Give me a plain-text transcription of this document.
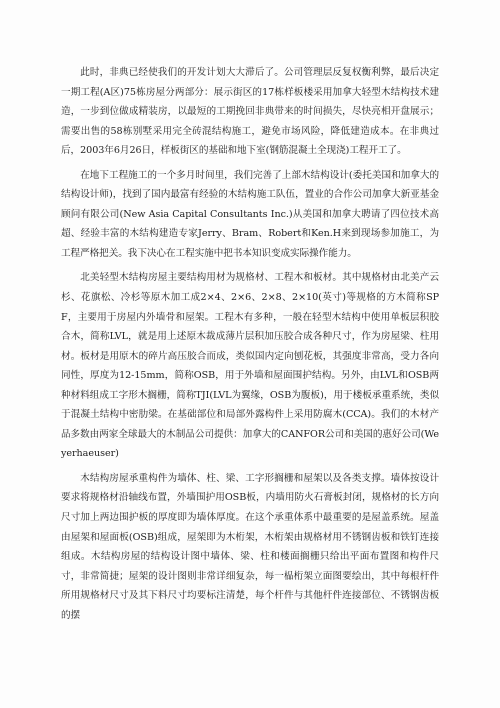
此时，非典已经使我们的开发计划大大滞后了。公司管理层反复权衡利弊，最后决定一期工程(A区)75栋房屋分两部分：展示街区的17栋样板楼采用加拿大轻型木结构技术建造，一步到位做成精装房，以最短的工期挽回非典带来的时间损失，尽快亮相开盘展示；需要出售的58栋别墅采用完全砖混结构施工，避免市场风险，降低建造成本。在非典过后，2003年6月26日，样板街区的基础和地下室(钢筋混凝土全现浇)工程开工了。

在地下工程施工的一个多月时间里，我们完善了上部木结构设计(委托美国和加拿大的结构设计师)，找到了国内最富有经验的木结构施工队伍，置业的合作公司加拿大新亚基金顾问有限公司(New Asia Capital Consultants Inc.)从美国和加拿大聘请了四位技术高超、经验丰富的木结构建造专家Jerry、Bram、Robert和Ken.H来到现场参加施工，为工程严格把关。我下决心在工程实施中把书本知识变成实际操作能力。

北美轻型木结构房屋主要结构用材为规格材、工程木和板材。其中规格材由北美产云杉、花旗松、冷杉等原木加工成2×4、2×6、2×8、2×10(英寸)等规格的方木简称SPF，主要用于房屋内外墙骨和屋架。工程木有多种，一般在轻型木结构中使用单板层积胶合木，简称LVL，就是用上述原木裁成薄片层积加压胶合成各种尺寸，作为房屋梁、柱用材。板材是用原木的碎片高压胶合而成，类似国内定向刨花板，其强度非常高，受力各向同性，厚度为12-15mm，简称OSB，用于外墙和屋面围护结构。另外，由LVL和OSB两种材料组成工字形木搁栅，简称TJI(LVL为翼缘，OSB为腹板)，用于楼板承重系统，类似于混凝土结构中密肋梁。在基础部位和局部外露构件上采用防腐木(CCA)。我们的木材产品多数由两家全球最大的木制品公司提供：加拿大的CANFOR公司和美国的惠好公司(Weyerhaeuser)

木结构房屋承重构件为墙体、柱、梁、工字形搁栅和屋架以及各类支撑。墙体按设计要求将规格材沿轴线布置，外墙围护用OSB板，内墙用防火石膏板封闭，规格材的长方向尺寸加上两边围护板的厚度即为墙体厚度。在这个承重体系中最重要的是屋盖系统。屋盖由屋架和屋面板(OSB)组成，屋架即为木桁架，木桁架由规格材用不锈钢齿板和铁钉连接组成。木结构房屋的结构设计图中墙体、梁、柱和楼面搁栅只给出平面布置图和构件尺寸，非常简捷；屋架的设计图则非常详细复杂，每一榀桁架立面图要绘出，其中每根杆件所用规格材尺寸及其下料尺寸均要标注清楚，每个杆件与其他杆件连接部位、不锈钢齿板的摆
